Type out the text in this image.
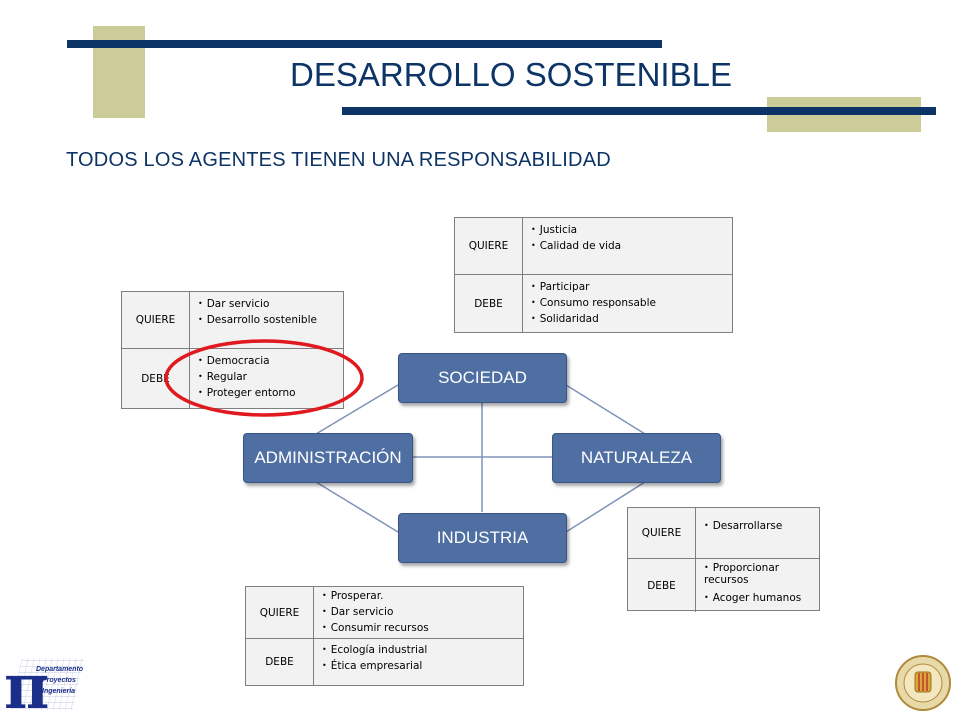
DESARROLLO SOSTENIBLE
TODOS LOS AGENTES TIENEN UNA RESPONSABILIDAD
SOCIEDAD
ADMINISTRACIÓN	NATURALEZA
INDUSTRIA
QUIERE
• Justicia
• Calidad de vida
DEBE
• Participar
• Consumo responsable
• Solidaridad
QUIERE
• Dar servicio
• Desarrollo sostenible
DEBE
• Democracia
• Regular
• Proteger entorno
QUIERE
• Desarrollarse
DEBE
• Proporcionar recursos
• Acoger humanos
QUIERE
• Prosperar.
• Dar servicio
• Consumir recursos
DEBE
• Ecología industrial
• Ética empresarial
π
Departamento
Proyectos
Ingeniería
